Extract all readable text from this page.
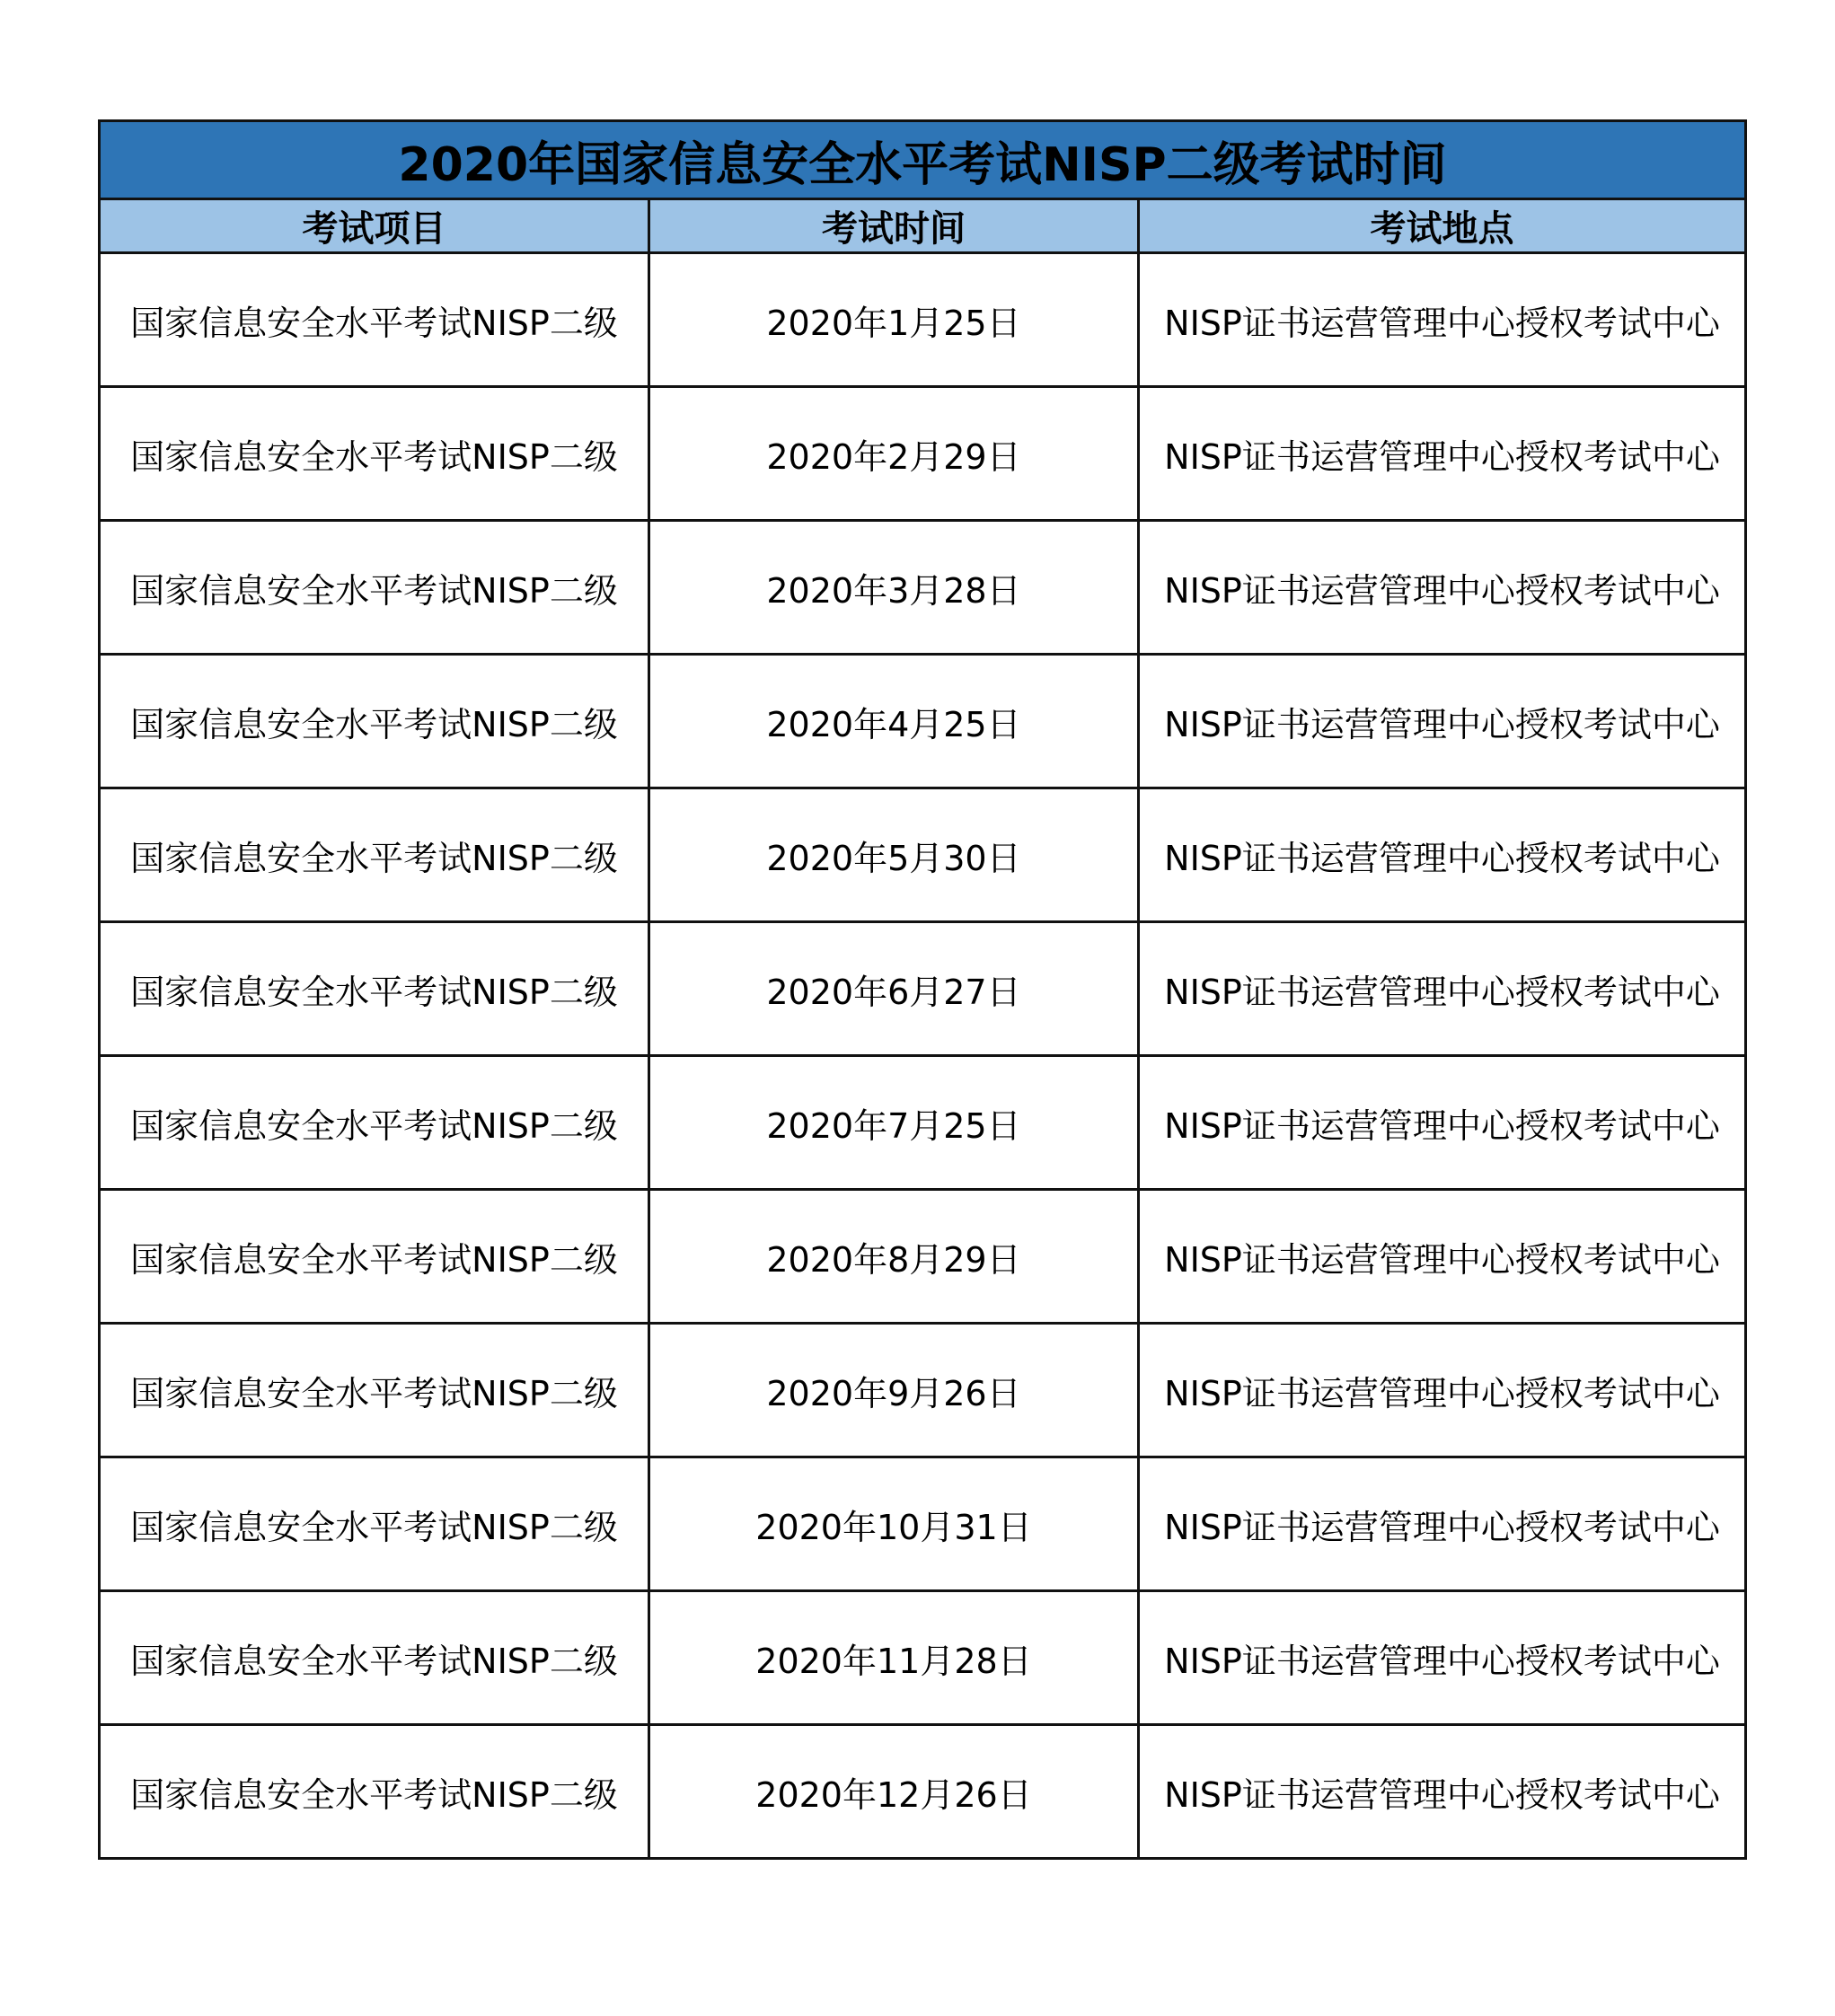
2020年国家信息安全水平考试NISP二级考试时间		
考试项目	考试时间	考试地点
国家信息安全水平考试NISP二级	2020年1月25日	NISP证书运营管理中心授权考试中心
国家信息安全水平考试NISP二级	2020年2月29日	NISP证书运营管理中心授权考试中心
国家信息安全水平考试NISP二级	2020年3月28日	NISP证书运营管理中心授权考试中心
国家信息安全水平考试NISP二级	2020年4月25日	NISP证书运营管理中心授权考试中心
国家信息安全水平考试NISP二级	2020年5月30日	NISP证书运营管理中心授权考试中心
国家信息安全水平考试NISP二级	2020年6月27日	NISP证书运营管理中心授权考试中心
国家信息安全水平考试NISP二级	2020年7月25日	NISP证书运营管理中心授权考试中心
国家信息安全水平考试NISP二级	2020年8月29日	NISP证书运营管理中心授权考试中心
国家信息安全水平考试NISP二级	2020年9月26日	NISP证书运营管理中心授权考试中心
国家信息安全水平考试NISP二级	2020年10月31日	NISP证书运营管理中心授权考试中心
国家信息安全水平考试NISP二级	2020年11月28日	NISP证书运营管理中心授权考试中心
国家信息安全水平考试NISP二级	2020年12月26日	NISP证书运营管理中心授权考试中心
